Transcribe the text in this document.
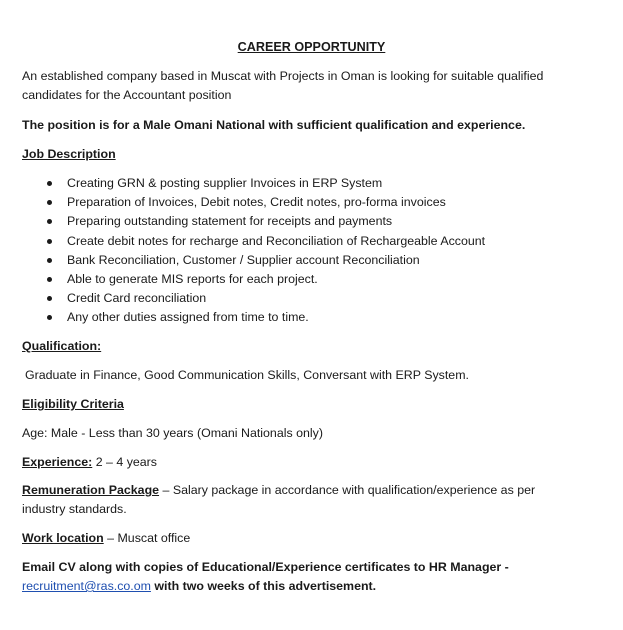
CAREER OPPORTUNITY
An established company based in Muscat with Projects in Oman is looking for suitable qualified
candidates for the Accountant position
The position is for a Male Omani National with sufficient qualification and experience.
Job Description
Creating GRN & posting supplier Invoices in ERP System
Preparation of Invoices, Debit notes, Credit notes, pro-forma invoices
Preparing outstanding statement for receipts and payments
Create debit notes for recharge and Reconciliation of Rechargeable Account
Bank Reconciliation, Customer / Supplier account Reconciliation
Able to generate MIS reports for each project.
Credit Card reconciliation
Any other duties assigned from time to time.
Qualification:
Graduate in Finance, Good Communication Skills, Conversant with ERP System.
Eligibility Criteria
Age: Male - Less than 30 years (Omani Nationals only)
Experience: 2 – 4 years
Remuneration Package – Salary package in accordance with qualification/experience as per
industry standards.
Work location – Muscat office
Email CV along with copies of Educational/Experience certificates to HR Manager -
recruitment@ras.co.om with two weeks of this advertisement.
